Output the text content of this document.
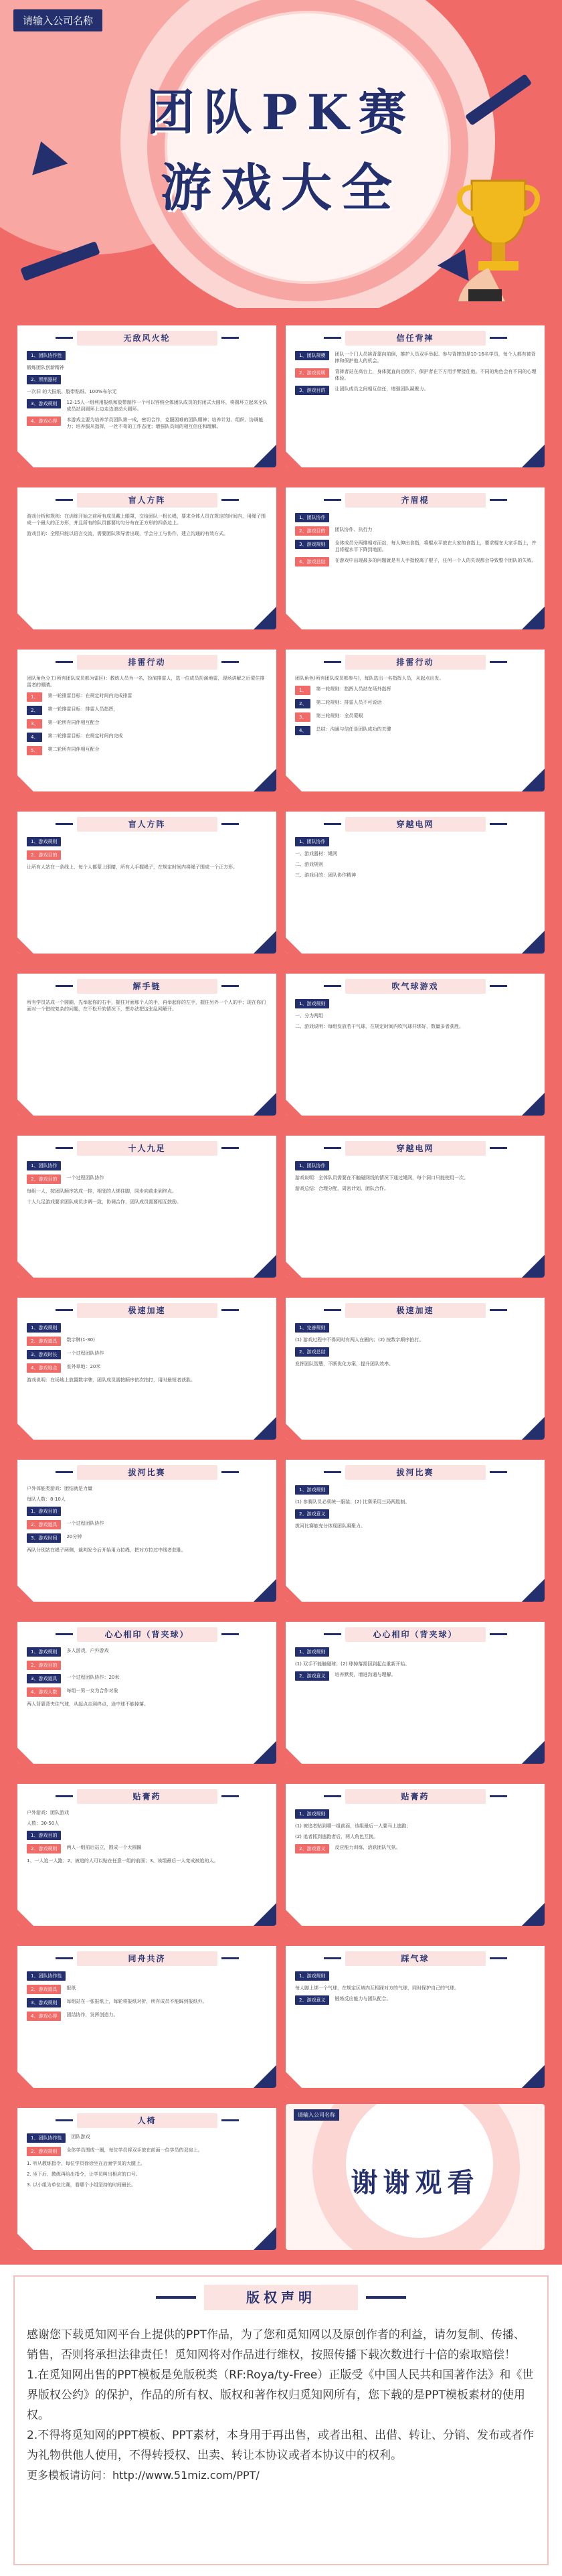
请输入公司名称
团队PK赛
游戏大全
无敌风火轮
1、团队协作性
锻炼团队创新精神
2、所需器材
一次旧 的大报纸、胶带粘纸、100%布尔无
3、游戏规则	12-15人一组利用报纸和胶带制作一个可以容纳全体团队成员的封闭式大圆环，将圆环立起来全队成员站到圆环上边走边滚动大圆环。
4、游戏心得	本游戏主要为培养学员团队第一成，密切合作，克服困难的团队精神；培养计划、组织、协调能力；培养服从指挥，一丝不苟的工作态度；增强队员间的相互信任和理解。
信任背摔
1、团队规模	团队一个门人员挑背靠向前倒，推护人员双手举起。参与背摔的是10-16名学员，每个人都有被背摔和保护他人的机会。
2、游戏说明	背摔者站在高台上，身体挺直向后倒下，保护者在下方用手臂接住他。不同的角色会有不同的心理体验。
3、游戏目的	让团队成员之间相互信任，增强团队凝聚力。
盲人方阵
游戏分析和规则：在训练开始之前所有成员戴上眼罩，交给团队一根长绳，要求全体人员在规定的时间内，用绳子围成一个最大的正方形，并且所有的队员都要均匀分布在正方形的四条边上。
游戏目的：全程只能以语言交流，需要团队领导者出现，学会分工与协作，建立沟通的有效方式。
齐眉棍
1、团队协作
2、游戏目的	团队协作、执行力
3、游戏规则	全体成员分两排相对而站，每人伸出食指，将棍水平放在大家的食指上，要求棍在大家手指上，并且将棍水平下降到地面。
4、游戏总结	在游戏中出现最多的问题就是有人手指脱离了棍子，任何一个人的失误都会导致整个团队的失败。
排雷行动
团队角色分工(所有团队成员都为雷区)：教练人员为一名，扮演排雷人，选一位成员扮演地雷，现场讲解之后蒙住排雷者的眼睛。
1、	第一轮排雷目标：在规定时间内完成排雷
2、	第一轮排雷目标：排雷人员指挥，
3、	第一轮所有同伴相互配合
4、	第二轮排雷目标：在规定时间内完成
5、	第二轮所有同伴相互配合
排雷行动
团队角色(所有团队成员都参与)，每队选出一名指挥人员，从起点出发。
1、	第一轮规则：指挥人员站在场外指挥
2、	第二轮规则：排雷人员不可说话
3、	第三轮规则：全员蒙眼
4、	总结：沟通与信任是团队成功的关键
盲人方阵
1、游戏规则
2、游戏目的
让所有人站在一条线上，每个人都蒙上眼睛，所有人手握绳子，在规定时间内将绳子围成一个正方形。
穿越电网
1、团队协作
一、游戏器材：绳网
二、游戏规则
三、游戏目的：团队协作精神
解手链
所有学员站成一个圆圈，先举起你的右手，握住对面那个人的手，再举起你的左手，握住另外一个人的手；现在你们面对一个错综复杂的问题，在不松开的情况下，想办法把这张乱网解开。
吹气球游戏
1、游戏规则
一、分为两组
二、游戏说明：每组发放若干气球，在规定时间内吹气球并绑好，数量多者获胜。
十人九足
1、团队协作
2、游戏目的	一个过程团队协作
每组一人，按团队顺序站成一排，相邻的人绑住脚，同步向前走到终点。
十人九足游戏要求团队成员步调一致，协调合作，团队成员需要相互鼓励。
穿越电网
1、团队协作
游戏说明：全体队员需要在不触碰网线的情况下通过绳网，每个洞口只能使用一次。
游戏总结：合理分配，周密计划，团队合作。
极速加速
1、游戏规则
2、游戏道具	数字牌(1-30)
3、游戏时长	一个过程团队协作
4、游戏地点	室外草地：20米
游戏说明：在场地上放置数字牌，团队成员需按顺序依次拍打，用时最短者获胜。
极速加速
1、完善规则
(1) 游戏过程中不得同时有两人在圈内；(2) 按数字顺序拍打。
2、游戏总结
发挥团队智慧，不断优化方案，提升团队效率。
拔河比赛
户外体能类游戏：团结就是力量
每队人数：8-10人
1、游戏目的
2、游戏道具	一个过程团队协作
3、游戏时间	20分钟
两队分别站在绳子两侧，裁判发令后开始用力拉绳，把对方拉过中线者获胜。
拔河比赛
1、游戏规则
(1) 参赛队员必须统一服装；(2) 比赛采用三局两胜制。
2、游戏意义
拔河比赛能充分体现团队凝聚力。
心心相印（背夹球）
1、游戏规则	多人游戏，户外游戏
2、游戏目的
3、游戏道具	一个过程团队协作：20米
4、游戏人数	每组一男一女为合作对象
两人背靠背夹住气球，从起点走到终点，途中球不能掉落。
心心相印（背夹球）
1、游戏规则
(1) 双手不能触碰球；(2) 球掉落需回到起点重新开始。
2、游戏意义	培养默契，增进沟通与理解。
贴膏药
户外游戏：团队游戏
人数：30-50人
1、游戏目的
2、游戏规则	两人一组前后站立，围成一个大圆圈
1、一人追一人跑；2、被追的人可以贴在任意一组的前面；3、该组最后一人变成被追的人。
贴膏药
1、游戏规则
(1) 被追者贴到哪一组前面，该组最后一人要马上逃跑；
(2) 追者抓到逃跑者后，两人角色互换。
2、游戏意义	反应能力训练，活跃团队气氛。
同舟共济
1、团队协作性
2、游戏道具	报纸
3、游戏规则	每组站在一张报纸上，每轮将报纸对折，所有成员不能踩到报纸外。
4、游戏心得	团结协作，发挥创造力。
踩气球
1、游戏规则
每人脚上绑一个气球，在规定区域内互相踩对方的气球，同时保护自己的气球。
2、游戏意义	锻炼反应能力与团队配合。
人椅
1、团队协作性	团队游戏
2、游戏规则	全体学员围成一圈，每位学员将双手放在前面一位学员的双肩上。
1. 听从教练指令，每位学员徐徐坐在后面学员的大腿上。
2. 坐下后，教练再给出指令，让学员叫出相应的口号。
3. 以小组为单位比赛，看哪个小组坚持的时间最长。
请输入公司名称
谢谢观看
版权声明

感谢您下载觅知网平台上提供的PPT作品，为了您和觅知网以及原创作者的利益，请勿复制、传播、销售，否则将承担法律责任！觅知网将对作品进行维权，按照传播下载次数进行十倍的索取赔偿！

1.在觅知网出售的PPT模板是免版税类（RF:Roya/ty-Free）正版受《中国人民共和国著作法》和《世界版权公约》的保护，作品的所有权、版权和著作权归觅知网所有，您下载的是PPT模板素材的使用权。

2.不得将觅知网的PPT模板、PPT素材，本身用于再出售，或者出租、出借、转让、分销、发布或者作为礼物供他人使用，不得转授权、出卖、转让本协议或者本协议中的权利。

更多模板请访问：http://www.51miz.com/PPT/
